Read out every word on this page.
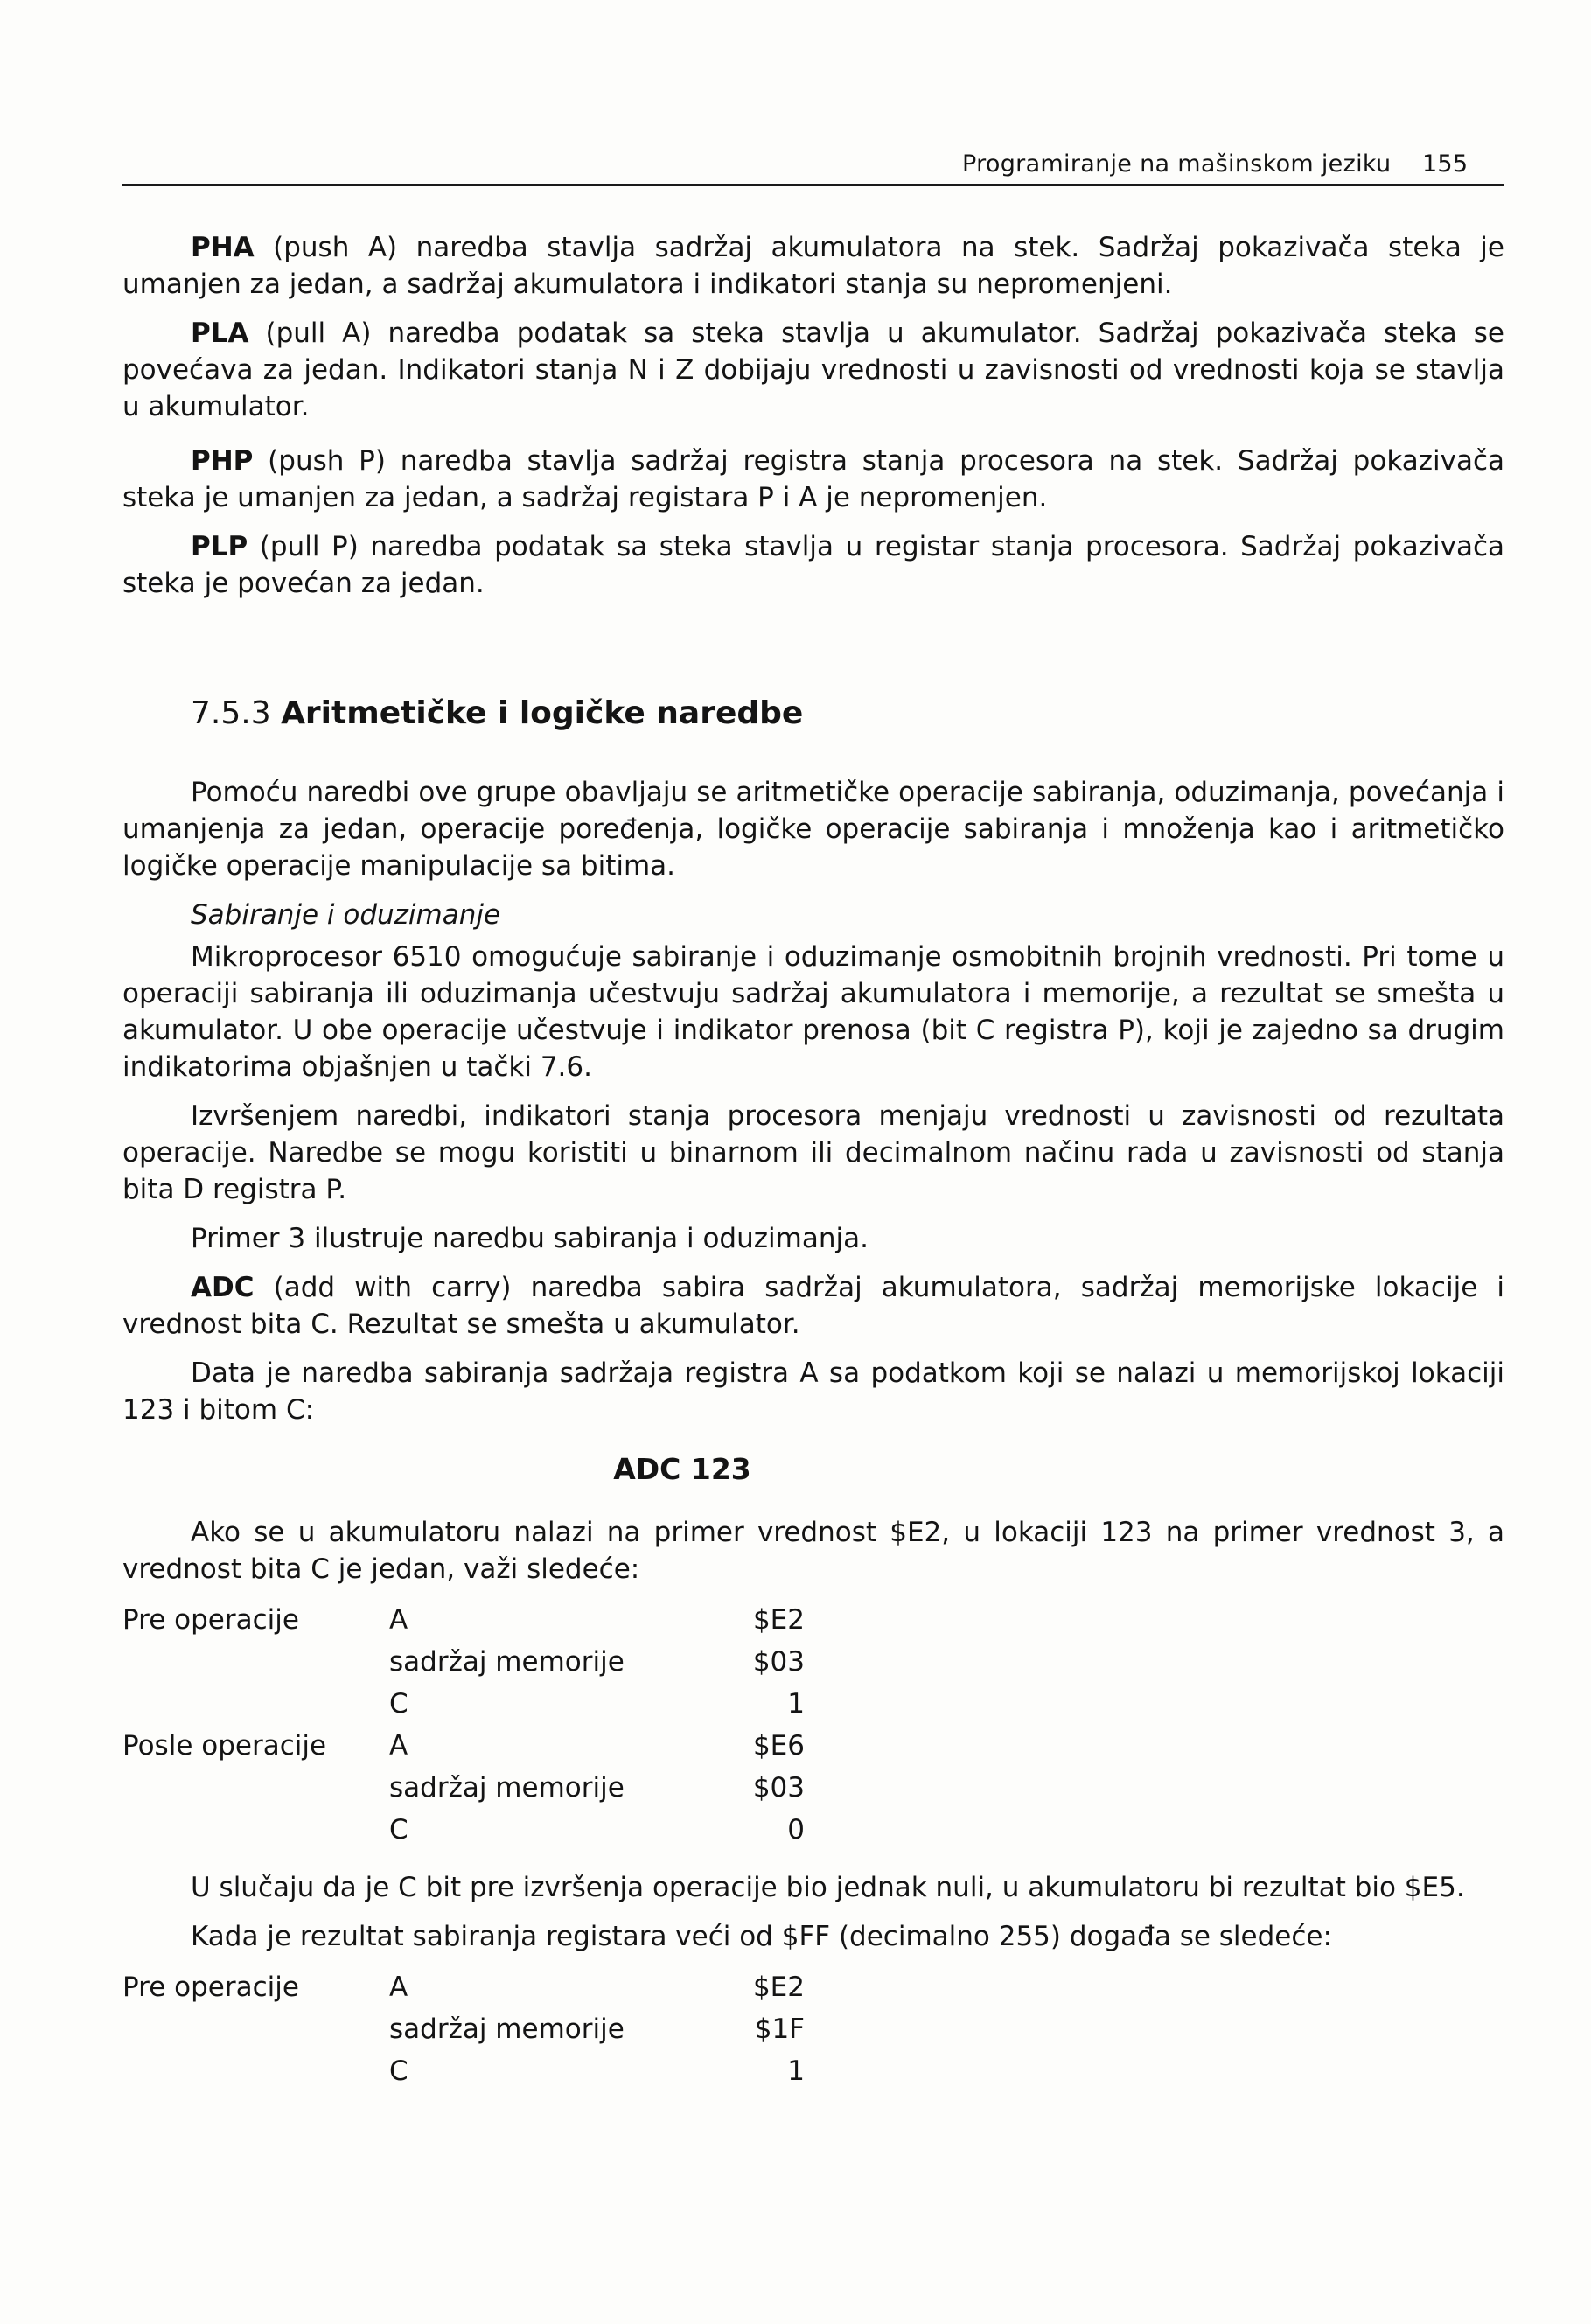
Programiranje na mašinskom jeziku 155

PHA (push A) naredba stavlja sadržaj akumulatora na stek. Sadržaj pokazivača steka je umanjen za jedan, a sadržaj akumulatora i indikatori stanja su nepromenjeni.

PLA (pull A) naredba podatak sa steka stavlja u akumulator. Sadržaj pokazivača steka se povećava za jedan. Indikatori stanja N i Z dobijaju vrednosti u zavisnosti od vrednosti koja se stavlja u akumulator.

PHP (push P) naredba stavlja sadržaj registra stanja procesora na stek. Sadržaj pokazivača steka je umanjen za jedan, a sadržaj registara P i A je nepromenjen.

PLP (pull P) naredba podatak sa steka stavlja u registar stanja procesora. Sadržaj pokazivača steka je povećan za jedan.

7.5.3 Aritmetičke i logičke naredbe

Pomoću naredbi ove grupe obavljaju se aritmetičke operacije sabiranja, oduzimanja, povećanja i umanjenja za jedan, operacije poređenja, logičke operacije sabiranja i množenja kao i aritmetičko logičke operacije manipulacije sa bitima.

Sabiranje i oduzimanje

Mikroprocesor 6510 omogućuje sabiranje i oduzimanje osmobitnih brojnih vrednosti. Pri tome u operaciji sabiranja ili oduzimanja učestvuju sadržaj akumulatora i memorije, a rezultat se smešta u akumulator. U obe operacije učestvuje i indikator prenosa (bit C registra P), koji je zajedno sa drugim indikatorima objašnjen u tački 7.6.

Izvršenjem naredbi, indikatori stanja procesora menjaju vrednosti u zavisnosti od rezultata operacije. Naredbe se mogu koristiti u binarnom ili decimalnom načinu rada u zavisnosti od stanja bita D registra P.

Primer 3 ilustruje naredbu sabiranja i oduzimanja.

ADC (add with carry) naredba sabira sadržaj akumulatora, sadržaj memorijske lokacije i vrednost bita C. Rezultat se smešta u akumulator.

Data je naredba sabiranja sadržaja registra A sa podatkom koji se nalazi u memorijskoj lokaciji 123 i bitom C:

ADC 123

Ako se u akumulatoru nalazi na primer vrednost $E2, u lokaciji 123 na primer vrednost 3, a vrednost bita C je jedan, važi sledeće:

Pre operacije	A	$E2
	sadržaj memorije	$03
	C	1
Posle operacije	A	$E6
	sadržaj memorije	$03
	C	0

U slučaju da je C bit pre izvršenja operacije bio jednak nuli, u akumulatoru bi rezultat bio $E5.

Kada je rezultat sabiranja registara veći od $FF (decimalno 255) događa se sledeće:

Pre operacije	A	$E2
	sadržaj memorije	$1F
	C	1
